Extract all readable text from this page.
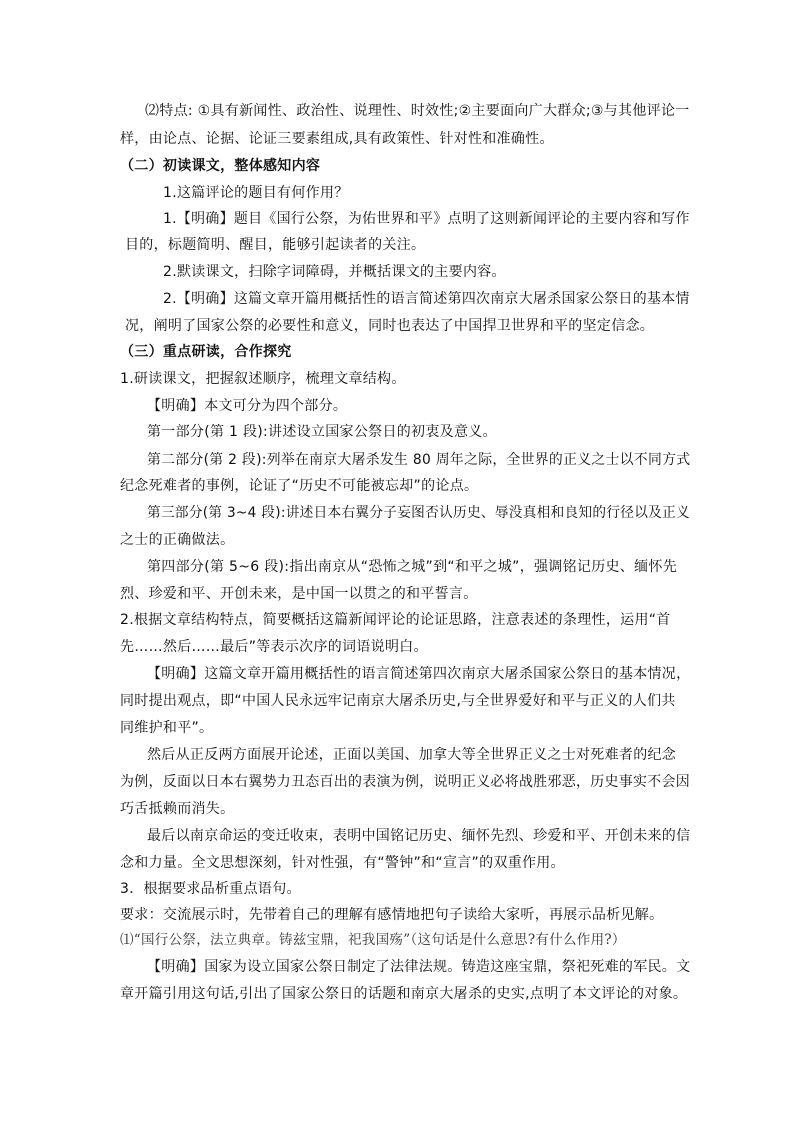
⑵特点: ①具有新闻性、政治性、说理性、时效性;②主要面向广大群众;③与其他评论一
样，由论点、论据、论证三要素组成,具有政策性、针对性和准确性。
（二）初读课文，整体感知内容
1.这篇评论的题目有何作用？
1.【明确】题目《国行公祭，为佑世界和平》点明了这则新闻评论的主要内容和写作
目的，标题简明、醒目，能够引起读者的关注。
2.默读课文，扫除字词障碍，并概括课文的主要内容。
2.【明确】这篇文章开篇用概括性的语言简述第四次南京大屠杀国家公祭日的基本情
况，阐明了国家公祭的必要性和意义，同时也表达了中国捍卫世界和平的坚定信念。
（三）重点研读，合作探究
1.研读课文，把握叙述顺序，梳理文章结构。
【明确】本文可分为四个部分。
第一部分(第 1 段):讲述设立国家公祭日的初衷及意义。
第二部分(第 2 段):列举在南京大屠杀发生 80 周年之际，全世界的正义之士以不同方式
纪念死难者的事例，论证了“历史不可能被忘却”的论点。
第三部分(第 3~4 段):讲述日本右翼分子妄图否认历史、辱没真相和良知的行径以及正义
之士的正确做法。
第四部分(第 5~6 段):指出南京从“恐怖之城”到“和平之城”，强调铭记历史、缅怀先
烈、珍爱和平、开创未来，是中国一以贯之的和平誓言。
2.根据文章结构特点，简要概括这篇新闻评论的论证思路，注意表述的条理性，运用“首
先……然后……最后”等表示次序的词语说明白。
【明确】这篇文章开篇用概括性的语言简述第四次南京大屠杀国家公祭日的基本情况，
同时提出观点，即“中国人民永远牢记南京大屠杀历史,与全世界爱好和平与正义的人们共
同维护和平”。
然后从正反两方面展开论述，正面以美国、加拿大等全世界正义之士对死难者的纪念
为例，反面以日本右翼势力丑态百出的表演为例，说明正义必将战胜邪恶，历史事实不会因
巧舌抵赖而消失。
最后以南京命运的变迁收束，表明中国铭记历史、缅怀先烈、珍爱和平、开创未来的信
念和力量。全文思想深刻，针对性强，有“警钟”和“宣言”的双重作用。
3．根据要求品析重点语句。
要求：交流展示时，先带着自己的理解有感情地把句子读给大家听，再展示品析见解。
⑴“国行公祭，法立典章。铸兹宝鼎，祀我国殇”（这句话是什么意思?有什么作用?）
【明确】国家为设立国家公祭日制定了法律法规。铸造这座宝鼎，祭祀死难的军民。文
章开篇引用这句话,引出了国家公祭日的话题和南京大屠杀的史实,点明了本文评论的对象。
